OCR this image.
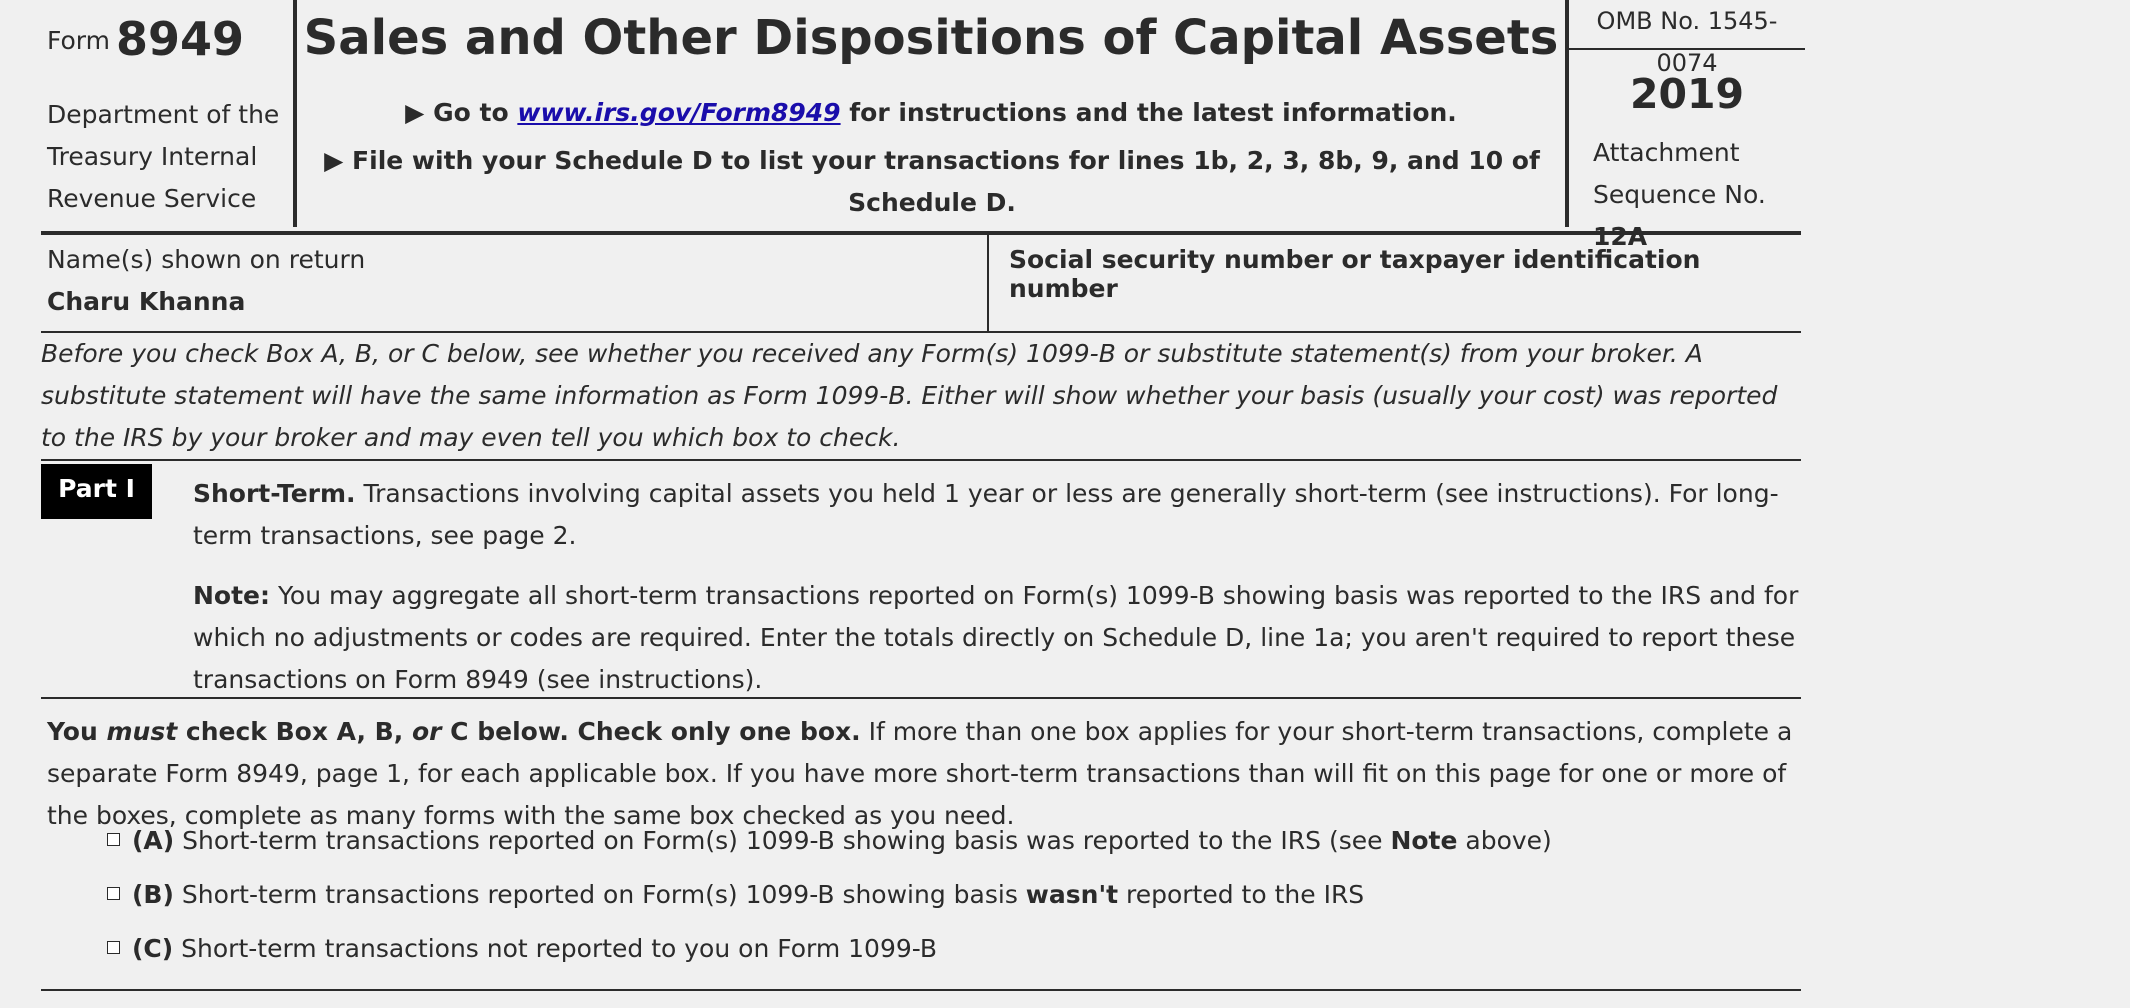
Form 8949
Department of the
Treasury Internal
Revenue Service
Sales and Other Dispositions of Capital Assets
▶ Go to www.irs.gov/Form8949 for instructions and the latest information.
▶ File with your Schedule D to list your transactions for lines 1b, 2, 3, 8b, 9, and 10 of Schedule D.
OMB No. 1545-0074
2019
Attachment
Sequence No. 12A
Name(s) shown on return
Charu Khanna
Social security number or taxpayer identification number
Before you check Box A, B, or C below, see whether you received any Form(s) 1099-B or substitute statement(s) from your broker. A substitute statement will have the same information as Form 1099-B. Either will show whether your basis (usually your cost) was reported to the IRS by your broker and may even tell you which box to check.
Part I	Short-Term. Transactions involving capital assets you held 1 year or less are generally short-term (see instructions). For long-term transactions, see page 2.
Note: You may aggregate all short-term transactions reported on Form(s) 1099-B showing basis was reported to the IRS and for which no adjustments or codes are required. Enter the totals directly on Schedule D, line 1a; you aren't required to report these transactions on Form 8949 (see instructions).
You must check Box A, B, or C below. Check only one box. If more than one box applies for your short-term transactions, complete a separate Form 8949, page 1, for each applicable box. If you have more short-term transactions than will fit on this page for one or more of the boxes, complete as many forms with the same box checked as you need.
(A) Short-term transactions reported on Form(s) 1099-B showing basis was reported to the IRS (see Note above)
(B) Short-term transactions reported on Form(s) 1099-B showing basis wasn't reported to the IRS
(C) Short-term transactions not reported to you on Form 1099-B
